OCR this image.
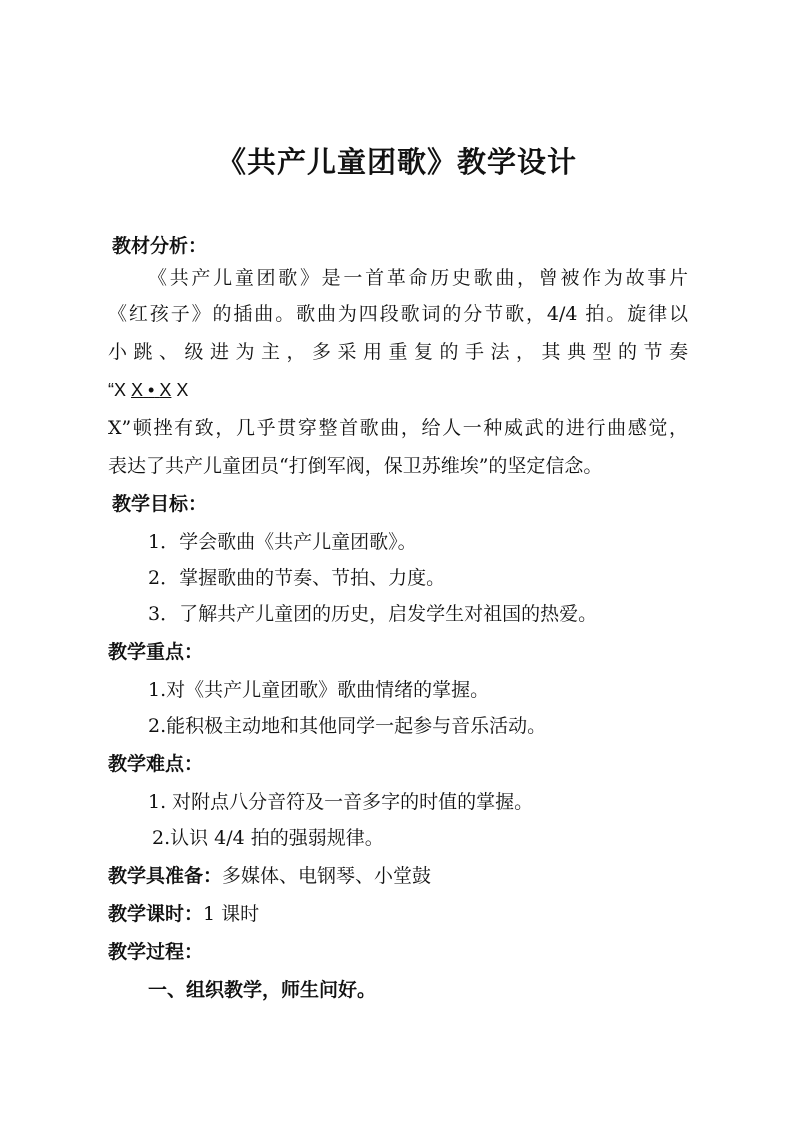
《共产儿童团歌》教学设计
教材分析：
《共产儿童团歌》是一首革命历史歌曲，曾被作为故事片
《红孩子》的插曲。歌曲为四段歌词的分节歌，4/4 拍。旋律以
小跳、级进为主，多采用重复的手法，其典型的节奏
“X X • X X
X”顿挫有致，几乎贯穿整首歌曲，给人一种威武的进行曲感觉，
表达了共产儿童团员“打倒军阀，保卫苏维埃”的坚定信念。
教学目标：
1．学会歌曲《共产儿童团歌》。
2．掌握歌曲的节奏、节拍、力度。
3．了解共产儿童团的历史，启发学生对祖国的热爱。
教学重点：
1.对《共产儿童团歌》歌曲情绪的掌握。
2.能积极主动地和其他同学一起参与音乐活动。
教学难点：
1. 对附点八分音符及一音多字的时值的掌握。
2.认识 4/4 拍的强弱规律。
教学具准备：多媒体、电钢琴、小堂鼓
教学课时：1 课时
教学过程：
一、组织教学，师生问好。
